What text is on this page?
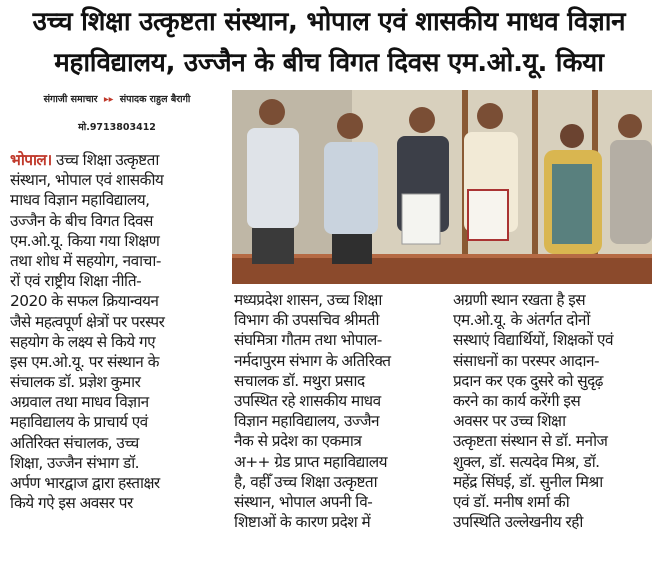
उच्च शिक्षा उत्कृष्टता संस्थान, भोपाल एवं शासकीय माधव विज्ञान
महाविद्यालय, उज्जैन के बीच विगत दिवस एम.ओ.यू. किया
संगाजी समाचार ▸▸ संपादक राहुल बैरागी
मो.9713803412
भोपाल। उच्च शिक्षा उत्कृष्टता
संस्थान, भोपाल एवं शासकीय
माधव विज्ञान महाविद्यालय,
उज्जैन के बीच विगत दिवस
एम.ओ.यू. किया गया शिक्षण
तथा शोध में सहयोग, नवाचा-
रों एवं राष्ट्रीय शिक्षा नीति-
2020 के सफल क्रियान्वयन
जैसे महत्वपूर्ण क्षेत्रों पर परस्पर
सहयोग के लक्ष्य से किये गए
इस एम.ओ.यू. पर संस्थान के
संचालक डॉ. प्रज्ञेश कुमार
अग्रवाल तथा माधव विज्ञान
महाविद्यालय के प्राचार्य एवं
अतिरिक्त संचालक, उच्च
शिक्षा, उज्जैन संभाग डॉ.
अर्पण भारद्वाज द्वारा हस्ताक्षर
किये गऐ इस अवसर पर
मध्यप्रदेश शासन, उच्च शिक्षा
विभाग की उपसचिव श्रीमती
संघमित्रा गौतम तथा भोपाल-
नर्मदापुरम संभाग के अतिरिक्त
सचालक डॉ. मथुरा प्रसाद
उपस्थित रहे शासकीय माधव
विज्ञान महाविद्यालय, उज्जैन
नैक से प्रदेश का एकमात्र
अ++ ग्रेड प्राप्त महाविद्यालय
है, वहीँ उच्च शिक्षा उत्कृष्टता
संस्थान, भोपाल अपनी वि-
शिष्टाओं के कारण प्रदेश में
अग्रणी स्थान रखता है इस
एम.ओ.यू. के अंतर्गत दोनों
सस्थाएं विद्यार्थियों, शिक्षकों एवं
संसाधनों का परस्पर आदान-
प्रदान कर एक दुसरे को सुदृढ़
करने का कार्य करेंगी इस
अवसर पर उच्च शिक्षा
उत्कृष्टता संस्थान से डॉ. मनोज
शुक्ल, डॉ. सत्यदेव मिश्र, डॉ.
महेंद्र सिंघई, डॉ. सुनील मिश्रा
एवं डॉ. मनीष शर्मा की
उपस्थिति उल्लेखनीय रही
